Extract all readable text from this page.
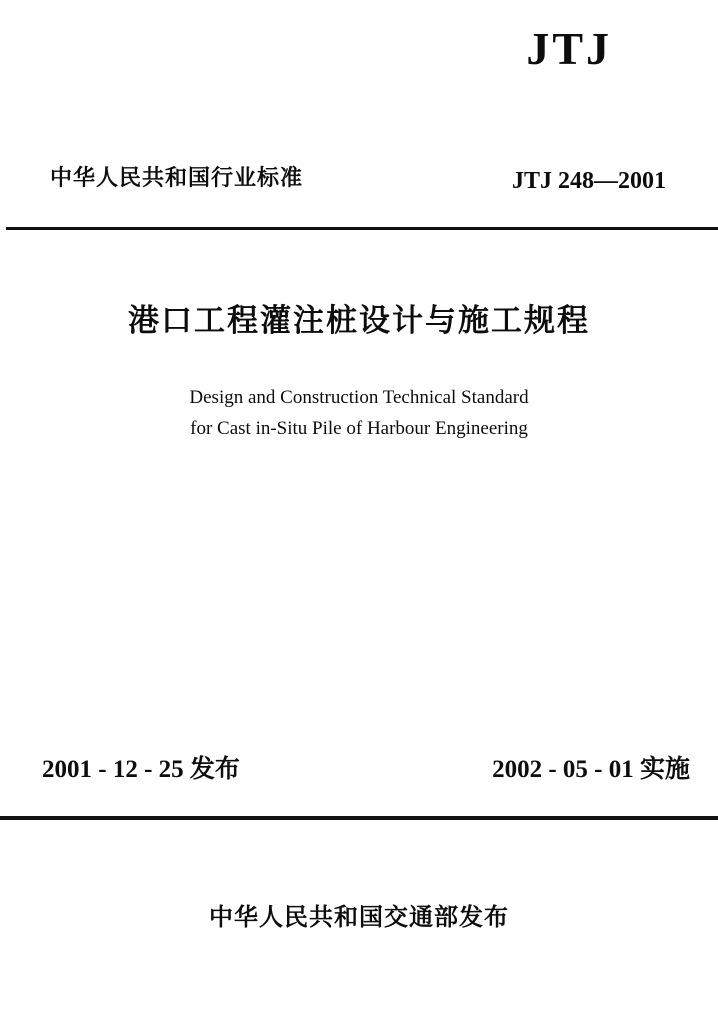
JTJ
中华人民共和国行业标准	JTJ 248—2001
港口工程灌注桩设计与施工规程
Design and Construction Technical Standard
for Cast in-Situ Pile of Harbour Engineering
2001 - 12 - 25 发布	2002 - 05 - 01 实施
中华人民共和国交通部发布
